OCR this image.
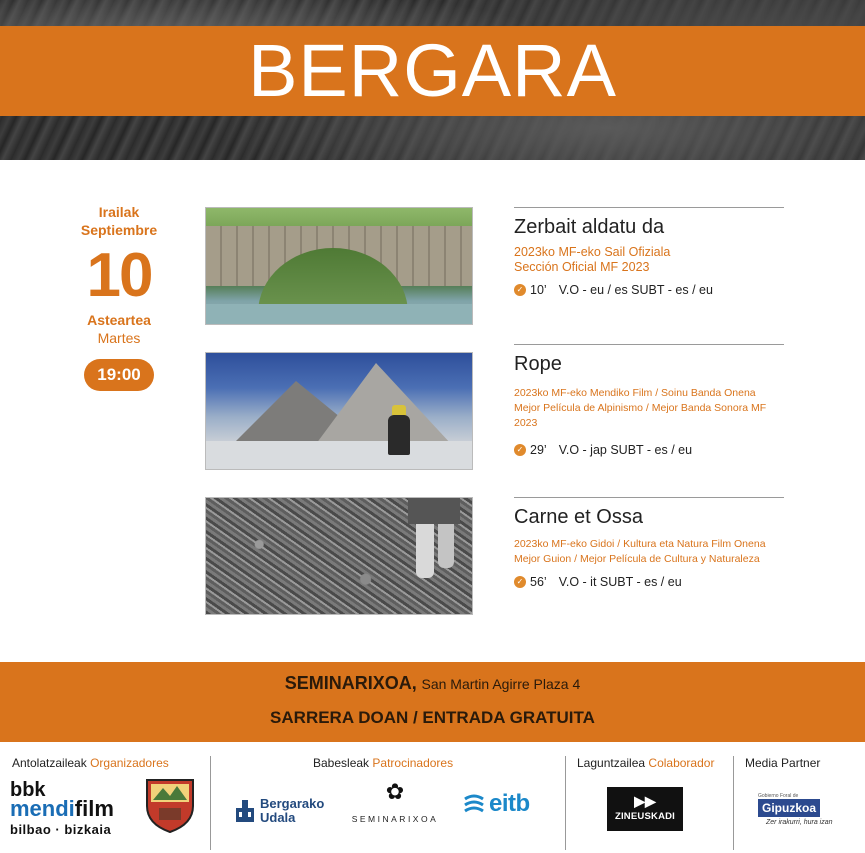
BERGARA
Irailak
Septiembre
10
Asteartea
Martes
19:00
Zerbait aldatu da
2023ko MF-eko Sail Ofiziala
Sección Oficial MF 2023
✓ 10’ V.O - eu / es SUBT - es / eu
Rope
2023ko MF-eko Mendiko Film / Soinu Banda Onena
Mejor Película de Alpinismo / Mejor Banda Sonora MF 2023
✓ 29’ V.O - jap SUBT - es / eu
Carne et Ossa
2023ko MF-eko Gidoi / Kultura eta Natura Film Onena
Mejor Guion / Mejor Película de Cultura y Naturaleza
✓ 56’ V.O - it SUBT - es / eu
SEMINARIXOA, San Martin Agirre Plaza 4
SARRERA DOAN / ENTRADA GRATUITA
Antolatzaileak Organizadores	Babesleak Patrocinadores	Laguntzailea Colaborador	Media Partner
bbk
mendifilm
bilbao · bizkaia
Bergarako
Udala
✿
SEMINARIXOA
eitb	▶▶
ZINEUSKADI
Gobierno Foral de
Gipuzkoa
Zer irakurri, hura izan
